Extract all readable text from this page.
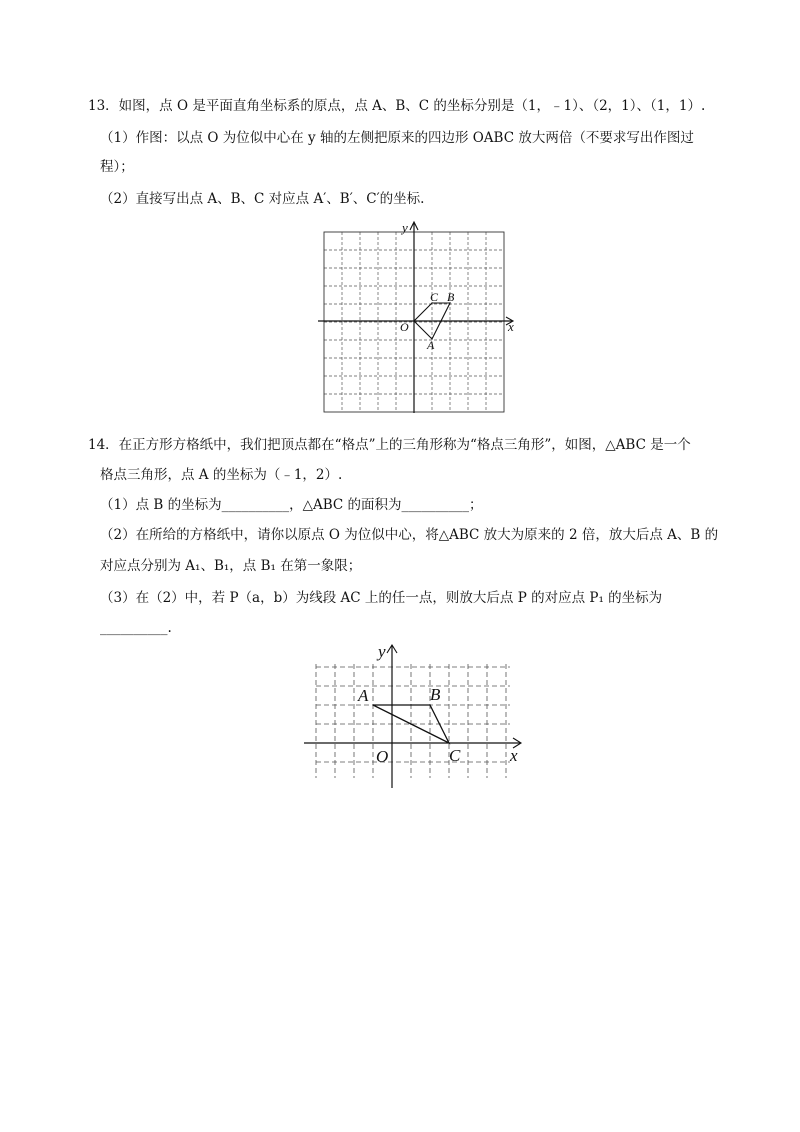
13．如图，点 O 是平面直角坐标系的原点，点 A、B、C 的坐标分别是（1，﹣1）、（2，1）、（1，1）.
（1）作图：以点 O 为位似中心在 y 轴的左侧把原来的四边形 OABC 放大两倍（不要求写出作图过
程）；
（2）直接写出点 A、B、C 对应点 A′、B′、C′的坐标.
y
x
O
A
B
C
14．在正方形方格纸中，我们把顶点都在“格点”上的三角形称为“格点三角形”，如图，△ABC 是一个
格点三角形，点 A 的坐标为（﹣1，2）.
（1）点 B 的坐标为__________，△ABC 的面积为__________；
（2）在所给的方格纸中，请你以原点 O 为位似中心，将△ABC 放大为原来的 2 倍，放大后点 A、B 的
对应点分别为 A₁、B₁，点 B₁ 在第一象限；
（3）在（2）中，若 P（a，b）为线段 AC 上的任一点，则放大后点 P 的对应点 P₁ 的坐标为
__________.
y
x
O
A	B
C
